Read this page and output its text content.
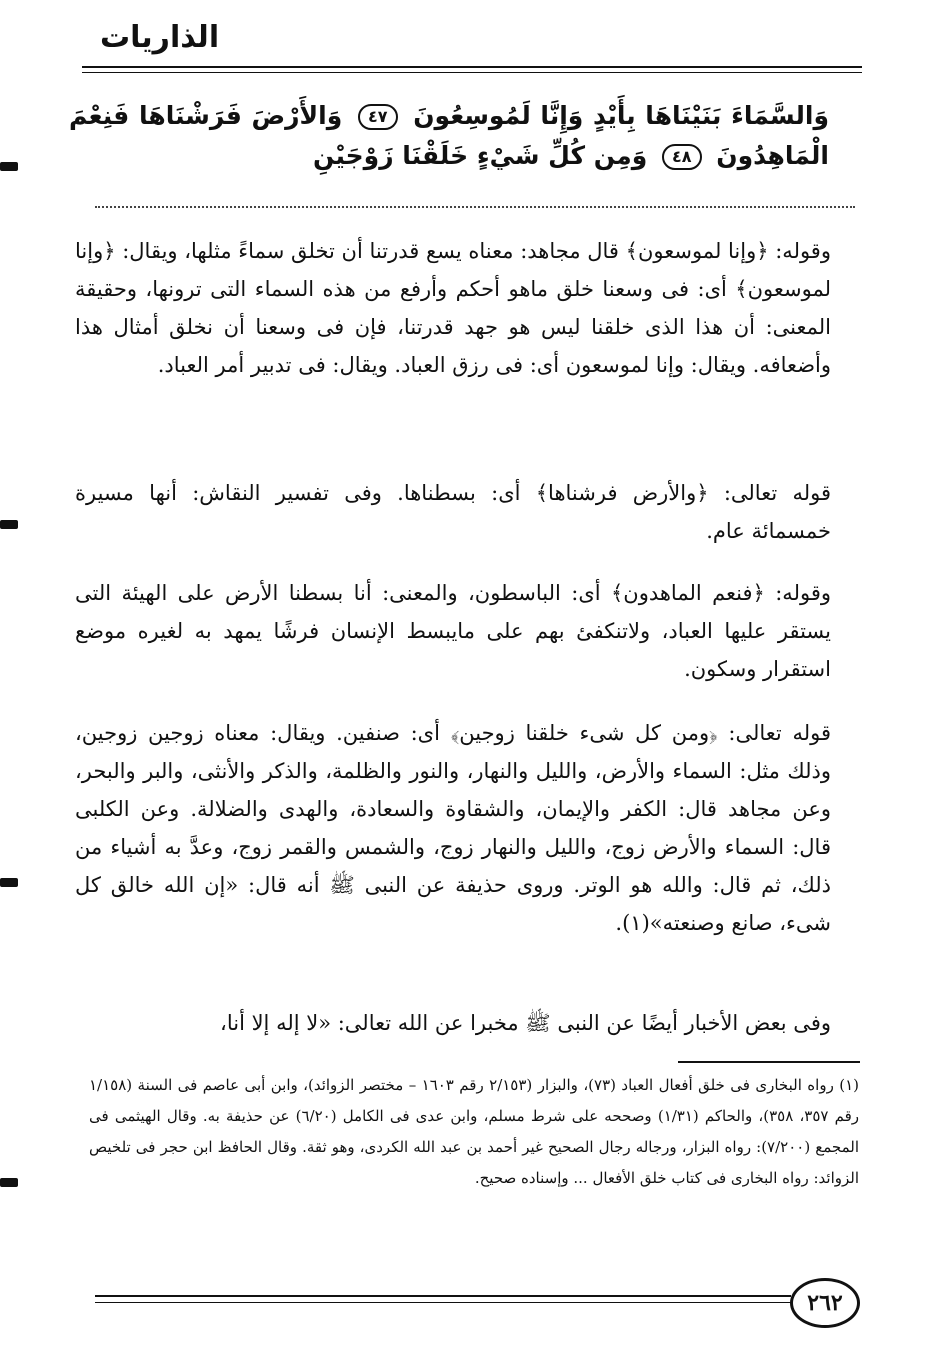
الذاريات
وَالسَّمَاءَ بَنَيْنَاهَا بِأَيْدٍ وَإِنَّا لَمُوسِعُونَ ٤٧ وَالأَرْضَ فَرَشْنَاهَا فَنِعْمَ الْمَاهِدُونَ ٤٨ وَمِن كُلِّ شَيْءٍ خَلَقْنَا زَوْجَيْنِ

وقوله: ﴿وإنا لموسعون﴾ قال مجاهد: معناه يسع قدرتنا أن تخلق سماءً مثلها، ويقال: ﴿وإنا لموسعون﴾ أى: فى وسعنا خلق ماهو أحكم وأرفع من هذه السماء التى ترونها، وحقيقة المعنى: أن هذا الذى خلقنا ليس هو جهد قدرتنا، فإن فى وسعنا أن نخلق أمثال هذا وأضعافه. ويقال: وإنا لموسعون أى: فى رزق العباد. ويقال: فى تدبير أمر العباد.

قوله تعالى: ﴿والأرض فرشناها﴾ أى: بسطناها. وفى تفسير النقاش: أنها مسيرة خمسمائة عام.

وقوله: ﴿فنعم الماهدون﴾ أى: الباسطون، والمعنى: أنا بسطنا الأرض على الهيئة التى يستقر عليها العباد، ولاتنكفئ بهم على مايبسط الإنسان فرشًا يمهد به لغيره موضع استقرار وسكون.

قوله تعالى: ﴿ومن كل شىء خلقنا زوجين﴾ أى: صنفين. ويقال: معناه زوجين زوجين، وذلك مثل: السماء والأرض، والليل والنهار، والنور والظلمة، والذكر والأنثى، والبر والبحر، وعن مجاهد قال: الكفر والإيمان، والشقاوة والسعادة، والهدى والضلالة. وعن الكلبى قال: السماء والأرض زوج، والليل والنهار زوج، والشمس والقمر زوج، وعدَّ به أشياء من ذلك، ثم قال: والله هو الوتر. وروى حذيفة عن النبى ﷺ أنه قال: «إن الله خالق كل شىء، صانع وصنعته»(١).

وفى بعض الأخبار أيضًا عن النبى ﷺ مخبرا عن الله تعالى: «لا إله إلا أنا،

(١) رواه البخارى فى خلق أفعال العباد (٧٣)، والبزار (٢/١٥٣ رقم ١٦٠٣ – مختصر الزوائد)، وابن أبى عاصم فى السنة (١/١٥٨ رقم ٣٥٧، ٣٥٨)، والحاكم (١/٣١) وصححه على شرط مسلم، وابن عدى فى الكامل (٦/٢٠) عن حذيفة به. وقال الهيثمى فى المجمع (٧/٢٠٠): رواه البزار، ورجاله رجال الصحيح غير أحمد بن عبد الله الكردى، وهو ثقة. وقال الحافظ ابن حجر فى تلخيص الزوائد: رواه البخارى فى كتاب خلق الأفعال ... وإسناده صحيح.
٢٦٢
